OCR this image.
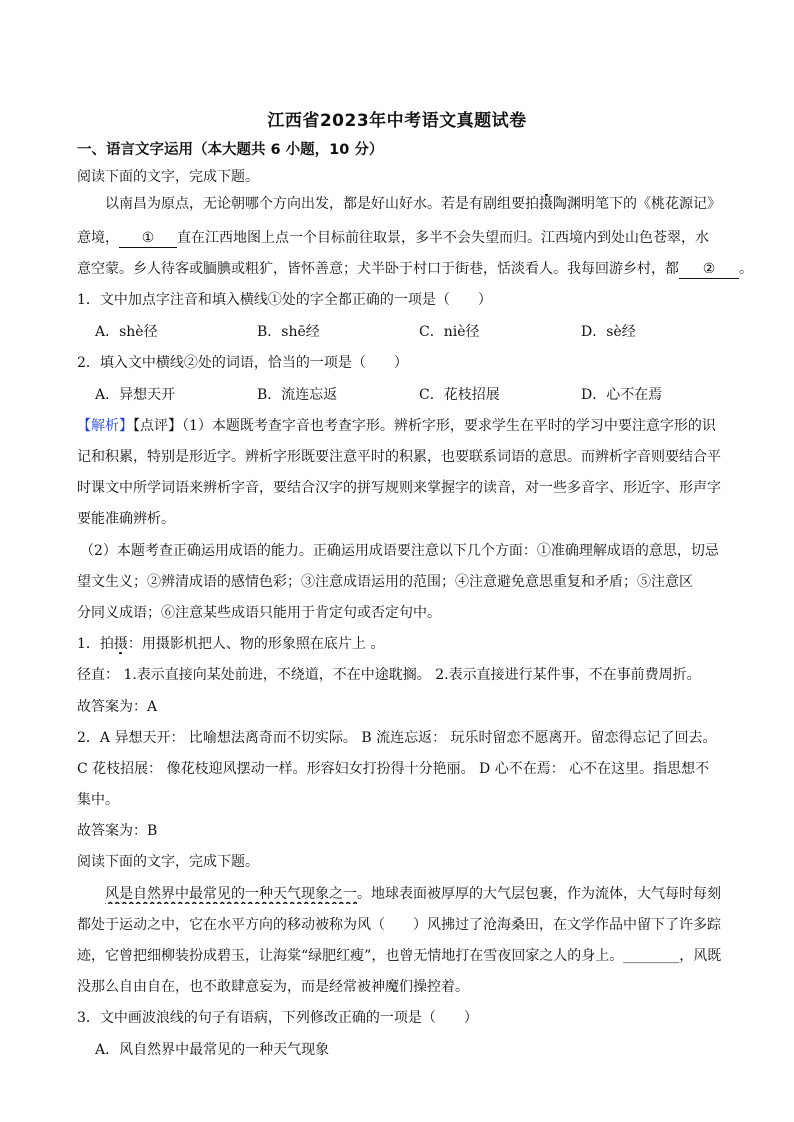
江西省2023年中考语文真题试卷
一、语言文字运用（本大题共 6 小题，10 分）
阅读下面的文字，完成下题。
以南昌为原点，无论朝哪个方向出发，都是好山好水。若是有剧组要拍摄陶渊明笔下的《桃花源记》
意境， ① 直在江西地图上点一个目标前往取景，多半不会失望而归。江西境内到处山色苍翠，水
意空蒙。乡人待客或腼腆或粗犷，皆怀善意；犬半卧于村口于街巷，恬淡看人。我每回游乡村，都 ② 。
1．文中加点字注音和填入横线①处的字全都正确的一项是（　　）
A．shè径	B．shē经	C．niè径	D．sè经
2．填入文中横线②处的词语，恰当的一项是（　　）
A．异想天开	B．流连忘返	C．花枝招展	D．心不在焉
【解析】【点评】（1）本题既考查字音也考查字形。辨析字形，要求学生在平时的学习中要注意字形的识
记和积累，特别是形近字。辨析字形既要注意平时的积累，也要联系词语的意思。而辨析字音则要结合平
时课文中所学词语来辨析字音，要结合汉字的拼写规则来掌握字的读音，对一些多音字、形近字、形声字
要能准确辨析。
（2）本题考查正确运用成语的能力。正确运用成语要注意以下几个方面：①准确理解成语的意思，切忌
望文生义；②辨清成语的感情色彩；③注意成语运用的范围；④注意避免意思重复和矛盾；⑤注意区
分同义成语；⑥注意某些成语只能用于肯定句或否定句中。
1．拍摄：用摄影机把人、物的形象照在底片上 。
径直： 1.表示直接向某处前进，不绕道，不在中途耽搁。 2.表示直接进行某件事，不在事前费周折。
故答案为：A
2．A 异想天开： 比喻想法离奇而不切实际。 B 流连忘返： 玩乐时留恋不愿离开。留恋得忘记了回去。
C 花枝招展： 像花枝迎风摆动一样。形容妇女打扮得十分艳丽。 D 心不在焉： 心不在这里。指思想不
集中。
故答案为：B
阅读下面的文字，完成下题。
风是自然界中最常见的一种天气现象之一。地球表面被厚厚的大气层包裹，作为流体，大气每时每刻
都处于运动之中，它在水平方向的移动被称为风（　　）风拂过了沧海桑田，在文学作品中留下了许多踪
迹，它曾把细柳装扮成碧玉，让海棠“绿肥红瘦”，也曾无情地打在雪夜回家之人的身上。________，风既
没那么自由自在，也不敢肆意妄为，而是经常被神魔们操控着。
3．文中画波浪线的句子有语病，下列修改正确的一项是（　　）
A．风自然界中最常见的一种天气现象
